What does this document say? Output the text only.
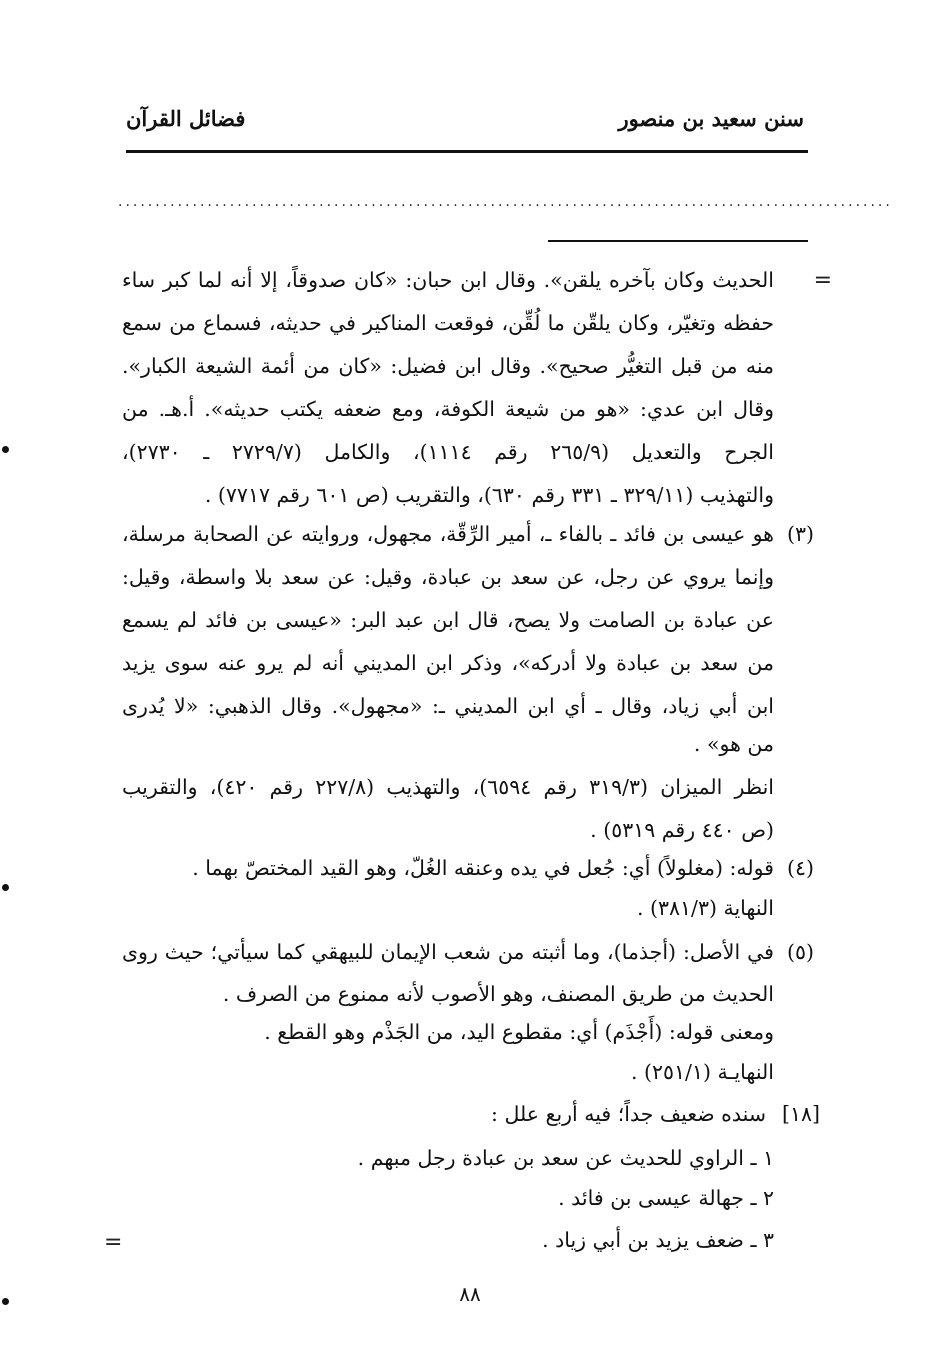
سنن سعيد بن منصور
فضائل القرآن
........................................................................................................
=
الحديث وكان بآخره يلقن». وقال ابن حبان: «كان صدوقاً، إلا أنه لما كبر ساء
حفظه وتغيّر، وكان يلقّن ما لُقِّن، فوقعت المناكير في حديثه، فسماع من سمع
منه من قبل التغيُّر صحيح». وقال ابن فضيل: «كان من أئمة الشيعة الكبار».
وقال ابن عدي: «هو من شيعة الكوفة، ومع ضعفه يكتب حديثه». أ.هـ. من
الجرح والتعديل (٢٦٥/٩ رقم ١١١٤)، والكامل (٢٧٢٩/٧ ـ ٢٧٣٠)،
والتهذيب (٣٢٩/١١ ـ ٣٣١ رقم ٦٣٠)، والتقريب (ص ٦٠١ رقم ٧٧١٧) .
(٣)
هو عيسى بن فائد ـ بالفاء ـ، أمير الرِّقّة، مجهول، وروايته عن الصحابة مرسلة،
وإنما يروي عن رجل، عن سعد بن عبادة، وقيل: عن سعد بلا واسطة، وقيل:
عن عبادة بن الصامت ولا يصح، قال ابن عبد البر: «عيسى بن فائد لم يسمع
من سعد بن عبادة ولا أدركه»، وذكر ابن المديني أنه لم يرو عنه سوى يزيد
ابن أبي زياد، وقال ـ أي ابن المديني ـ: «مجهول». وقال الذهبي: «لا يُدرى
من هو» .
انظر الميزان (٣١٩/٣ رقم ٦٥٩٤)، والتهذيب (٢٢٧/٨ رقم ٤٢٠)، والتقريب
(ص ٤٤٠ رقم ٥٣١٩) .
(٤)
قوله: (مغلولاً) أي: جُعل في يده وعنقه الغُلّ، وهو القيد المختصّ بهما .
النهاية (٣٨١/٣) .
(٥)
في الأصل: (أجذما)، وما أثبته من شعب الإيمان للبيهقي كما سيأتي؛ حيث روى
الحديث من طريق المصنف، وهو الأصوب لأنه ممنوع من الصرف .
ومعنى قوله: (أَجْذَم) أي: مقطوع اليد، من الجَذْم وهو القطع .
النهايـة (٢٥١/١) .
[١٨]
سنده ضعيف جداً؛ فيه أربع علل :
١ ـ الراوي للحديث عن سعد بن عبادة رجل مبهم .
٢ ـ جهالة عيسى بن فائد .
٣ ـ ضعف يزيد بن أبي زياد .
=
٨٨
